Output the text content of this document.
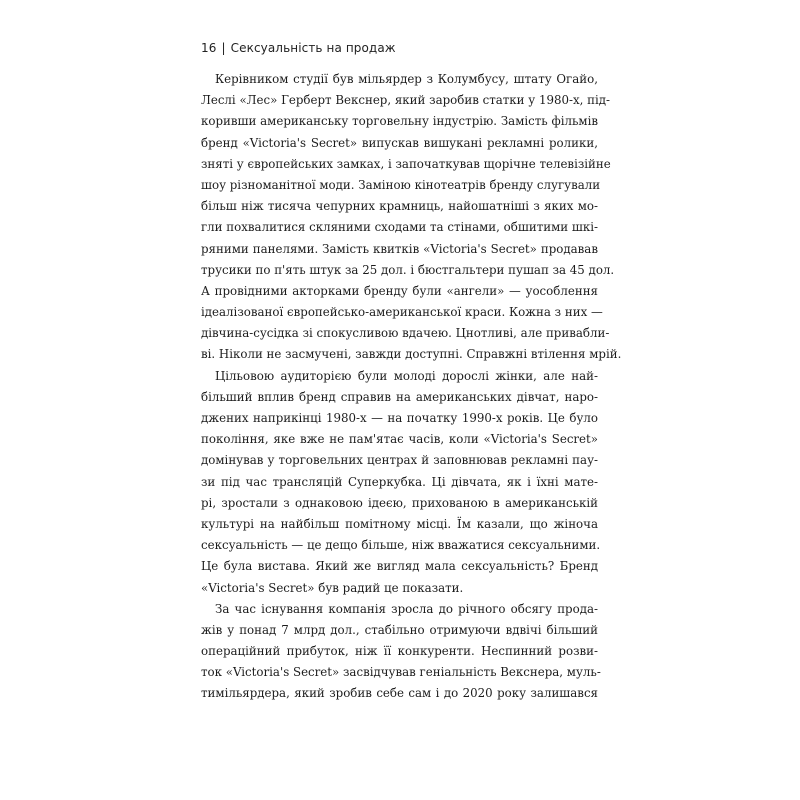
16 | Сексуальність на продаж
Керівником студії був мільярдер з Колумбусу, штату Огайо,
Леслі «Лес» Герберт Векснер, який заробив статки у 1980-х, під-
коривши американську торговельну індустрію. Замість фільмів
бренд «Victoria's Secret» випускав вишукані рекламні ролики,
зняті у європейських замках, і започаткував щорічне телевізійне
шоу різноманітної моди. Заміною кінотеатрів бренду слугували
більш ніж тисяча чепурних крамниць, найошатніші з яких мо-
гли похвалитися скляними сходами та стінами, обшитими шкі-
ряними панелями. Замість квитків «Victoria's Secret» продавав
трусики по п'ять штук за 25 дол. і бюстгальтери пушап за 45 дол.
А провідними акторками бренду були «ангели» — уособлення
ідеалізованої європейсько-американської краси. Кожна з них —
дівчина-сусідка зі спокусливою вдачею. Цнотливі, але привабли-
ві. Ніколи не засмучені, завжди доступні. Справжні втілення мрій.
Цільовою аудиторією були молоді дорослі жінки, але най-
більший вплив бренд справив на американських дівчат, наро-
джених наприкінці 1980-х — на початку 1990-х років. Це було
покоління, яке вже не пам'ятає часів, коли «Victoria's Secret»
домінував у торговельних центрах й заповнював рекламні пау-
зи під час трансляцій Суперкубка. Ці дівчата, як і їхні мате-
рі, зростали з однаковою ідеєю, прихованою в американській
культурі на найбільш помітному місці. Їм казали, що жіноча
сексуальність — це дещо більше, ніж вважатися сексуальними.
Це була вистава. Який же вигляд мала сексуальність? Бренд
«Victoria's Secret» був радий це показати.
За час існування компанія зросла до річного обсягу прода-
жів у понад 7 млрд дол., стабільно отримуючи вдвічі більший
операційний прибуток, ніж її конкуренти. Неспинний розви-
ток «Victoria's Secret» засвідчував геніальність Векснера, муль-
тимільярдера, який зробив себе сам і до 2020 року залишався
